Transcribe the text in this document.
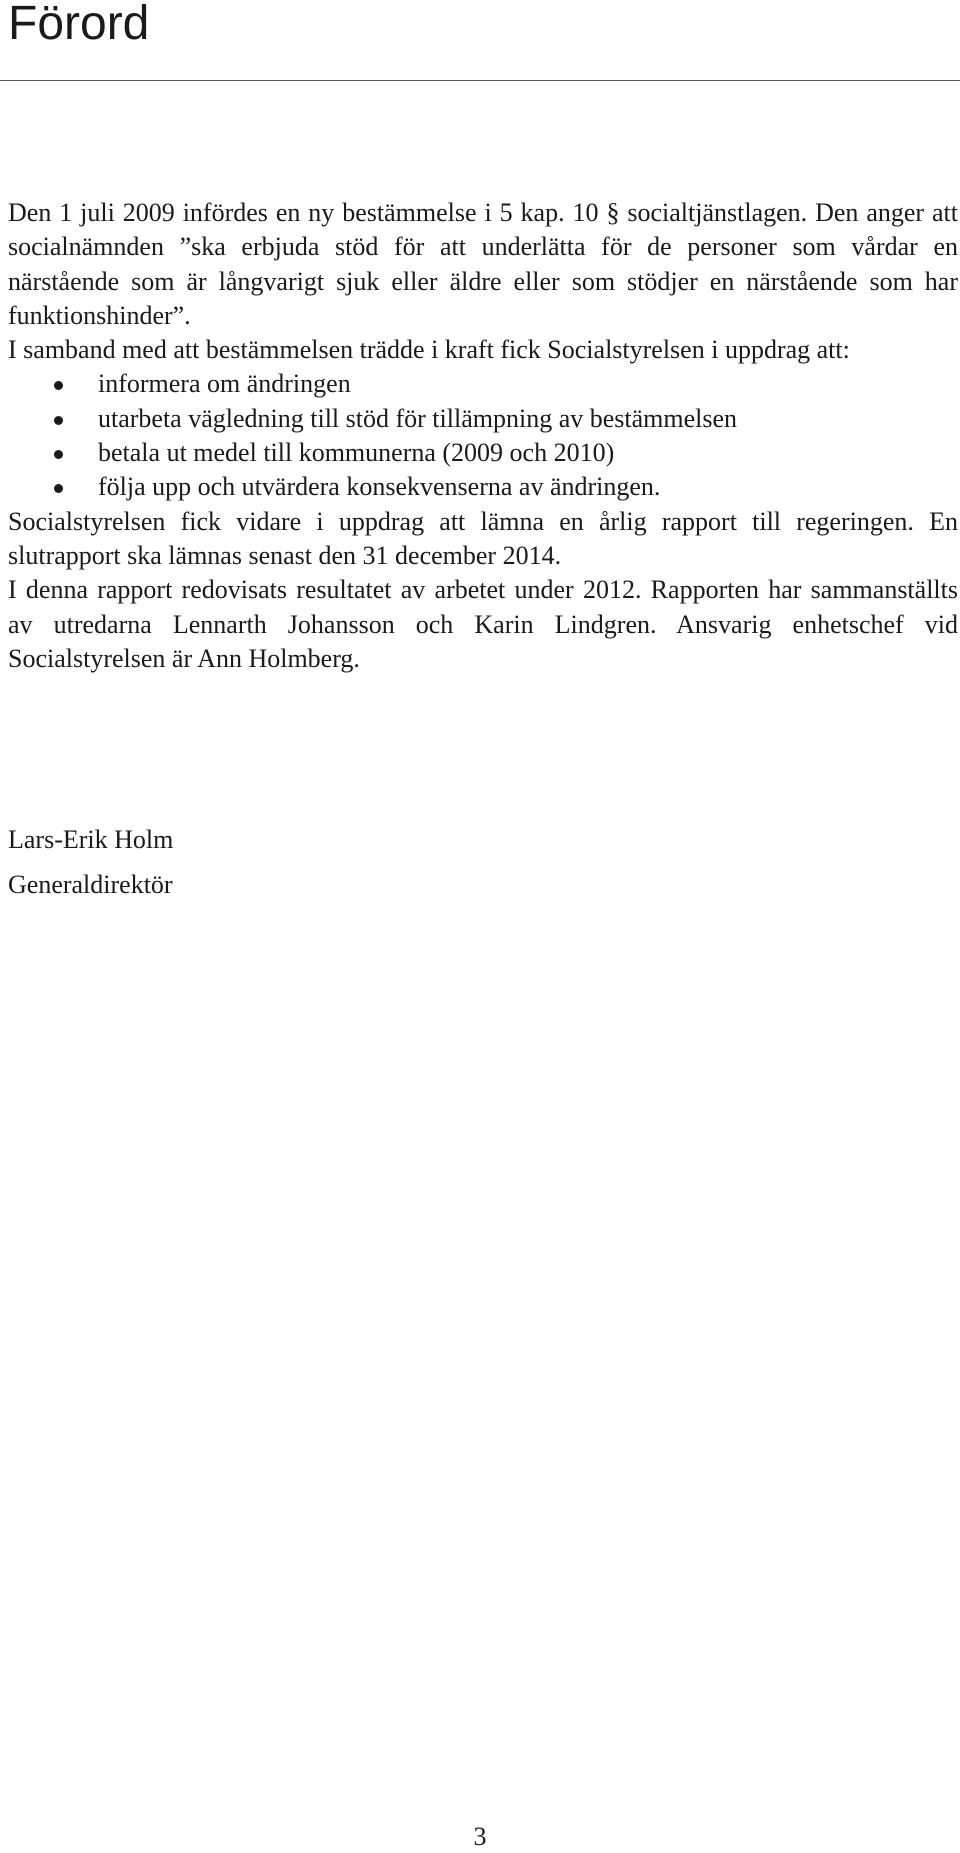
Förord

Den 1 juli 2009 infördes en ny bestämmelse i 5 kap. 10 § socialtjänstlagen. Den anger att socialnämnden ”ska erbjuda stöd för att underlätta för de personer som vårdar en närstående som är långvarigt sjuk eller äldre eller som stödjer en närstående som har funktionshinder”.

I samband med att bestämmelsen trädde i kraft fick Socialstyrelsen i uppdrag att:

informera om ändringen
utarbeta vägledning till stöd för tillämpning av bestämmelsen
betala ut medel till kommunerna (2009 och 2010)
följa upp och utvärdera konsekvenserna av ändringen.

Socialstyrelsen fick vidare i uppdrag att lämna en årlig rapport till regeringen. En slutrapport ska lämnas senast den 31 december 2014.

I denna rapport redovisats resultatet av arbetet under 2012. Rapporten har sammanställts av utredarna Lennarth Johansson och Karin Lindgren. Ansvarig enhetschef vid Socialstyrelsen är Ann Holmberg.

Lars-Erik Holm
Generaldirektör
3
